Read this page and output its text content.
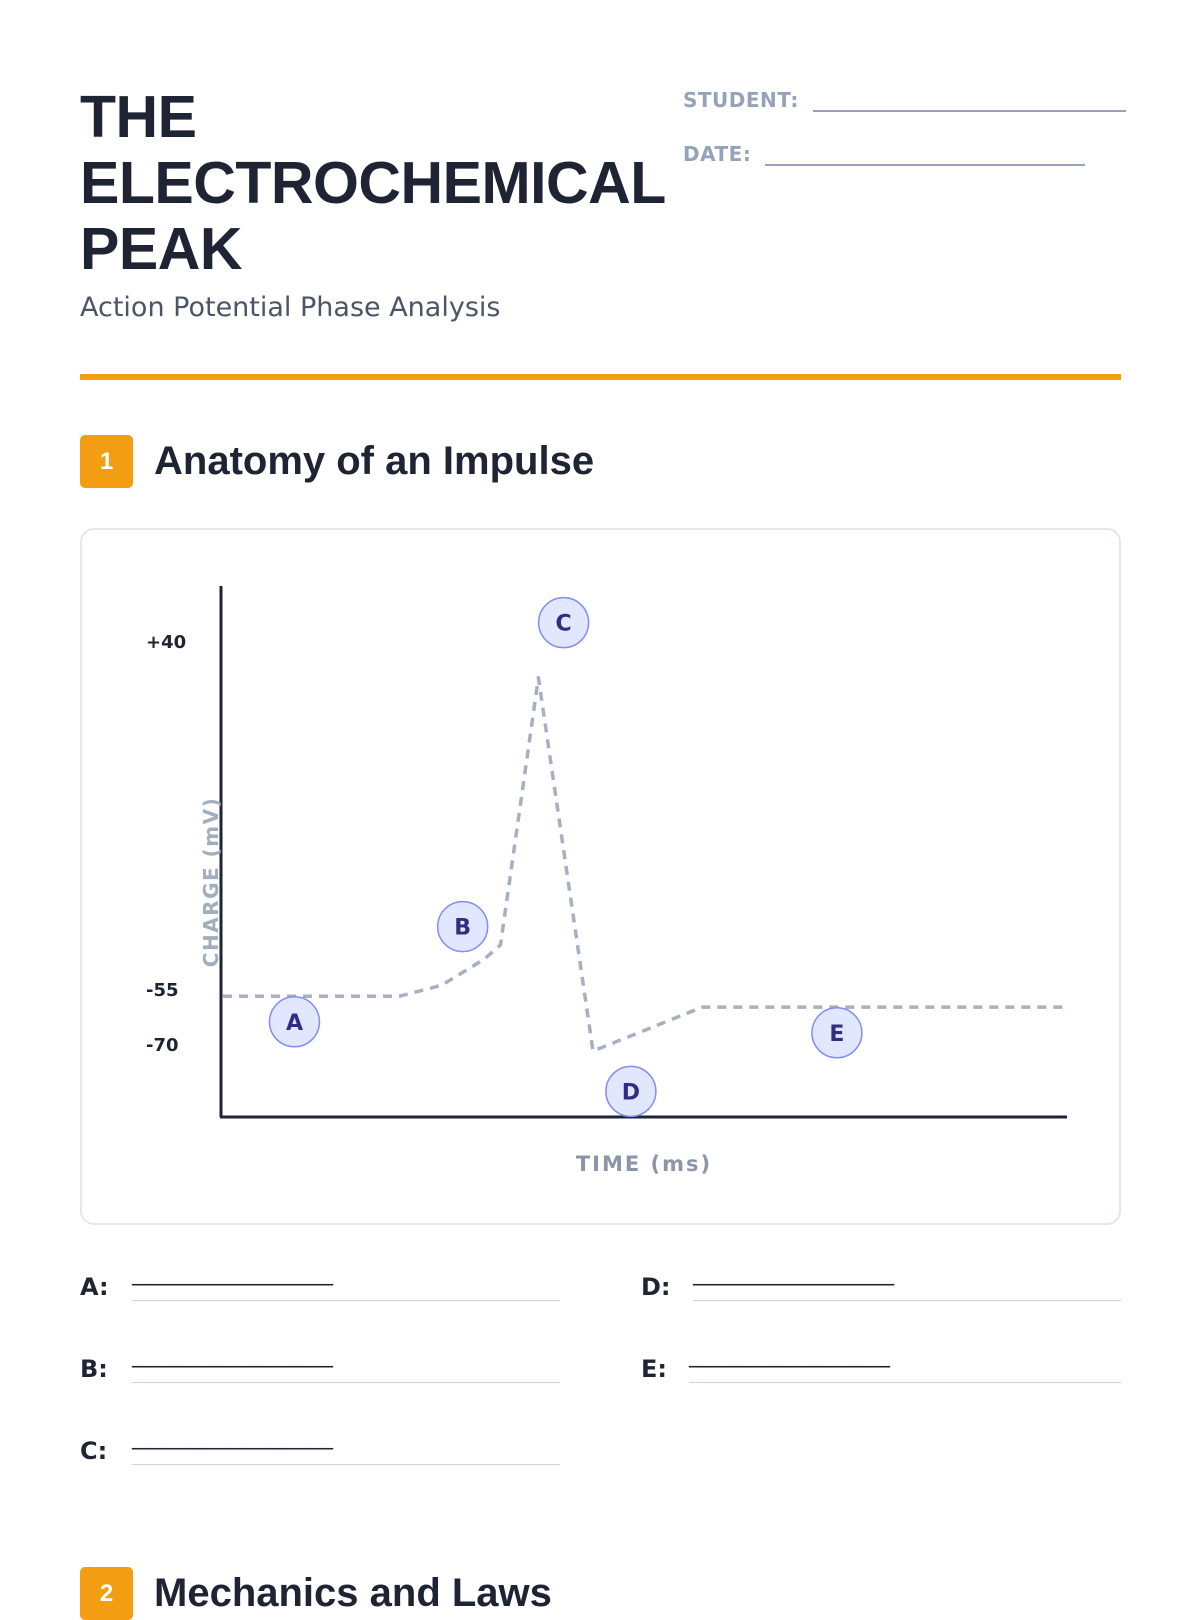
THE
ELECTROCHEMICAL
PEAK

Action Potential Phase Analysis

STUDENT:
DATE:
1	Anatomy of an Impulse
+40
-55
-70
CHARGE (mV)
TIME (ms)
A
B
C
D
E
A:	____________________
B:	____________________
C:	____________________
D:	____________________
E:	____________________
2	Mechanics and Laws
